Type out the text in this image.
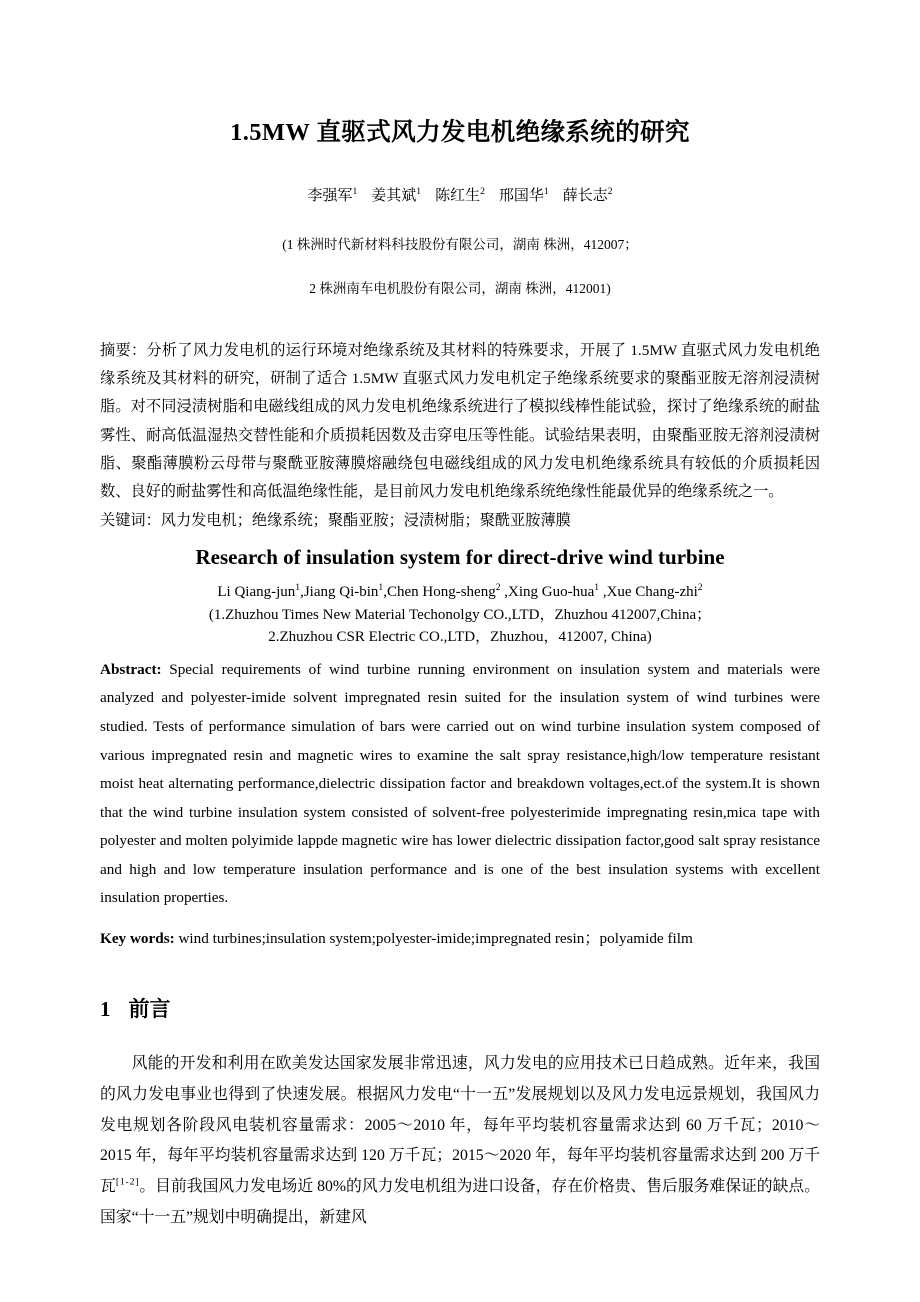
1.5MW 直驱式风力发电机绝缘系统的研究

李强军$^1$ 姜其斌$^1$ 陈红生$^2$ 邢国华$^1$ 薛长志$^2$

(1 株洲时代新材料科技股份有限公司，湖南 株洲，412007；

2 株洲南车电机股份有限公司，湖南 株洲，412001)

摘要：分析了风力发电机的运行环境对绝缘系统及其材料的特殊要求，开展了 1.5MW 直驱式风力发电机绝缘系统及其材料的研究，研制了适合 1.5MW 直驱式风力发电机定子绝缘系统要求的聚酯亚胺无溶剂浸渍树脂。对不同浸渍树脂和电磁线组成的风力发电机绝缘系统进行了模拟线棒性能试验，探讨了绝缘系统的耐盐雾性、耐高低温湿热交替性能和介质损耗因数及击穿电压等性能。试验结果表明，由聚酯亚胺无溶剂浸渍树脂、聚酯薄膜粉云母带与聚酰亚胺薄膜熔融绕包电磁线组成的风力发电机绝缘系统具有较低的介质损耗因数、良好的耐盐雾性和高低温绝缘性能，是目前风力发电机绝缘系统绝缘性能最优异的绝缘系统之一。

关键词：风力发电机；绝缘系统；聚酯亚胺；浸渍树脂；聚酰亚胺薄膜

Research of insulation system for direct-drive wind turbine

Li Qiang-jun$^1$,Jiang Qi-bin$^1$,Chen Hong-sheng$^2$ ,Xing Guo-hua$^1$ ,Xue Chang-zhi$^2$

(1.Zhuzhou Times New Material Techonolgy CO.,LTD，Zhuzhou 412007,China；

2.Zhuzhou CSR Electric CO.,LTD，Zhuzhou，412007, China)

Abstract: Special requirements of wind turbine running environment on insulation system and materials were analyzed and polyester-imide solvent impregnated resin suited for the insulation system of wind turbines were studied. Tests of performance simulation of bars were carried out on wind turbine insulation system composed of various impregnated resin and magnetic wires to examine the salt spray resistance,high/low temperature resistant moist heat alternating performance,dielectric dissipation factor and breakdown voltages,ect.of the system.It is shown that the wind turbine insulation system consisted of solvent-free polyesterimide impregnating resin,mica tape with polyester and molten polyimide lappde magnetic wire has lower dielectric dissipation factor,good salt spray resistance and high and low temperature insulation performance and is one of the best insulation systems with excellent insulation properties.

Key words: wind turbines;insulation system;polyester-imide;impregnated resin；polyamide film

1 前言

风能的开发和利用在欧美发达国家发展非常迅速，风力发电的应用技术已日趋成熟。近年来，我国的风力发电事业也得到了快速发展。根据风力发电“十一五”发展规划以及风力发电远景规划，我国风力发电规划各阶段风电装机容量需求：2005～2010 年，每年平均装机容量需求达到 60 万千瓦；2010～2015 年，每年平均装机容量需求达到 120 万千瓦；2015～2020 年，每年平均装机容量需求达到 200 万千瓦[1-2]。目前我国风力发电场近 80%的风力发电机组为进口设备，存在价格贵、售后服务难保证的缺点。国家“十一五”规划中明确提出，新建风
